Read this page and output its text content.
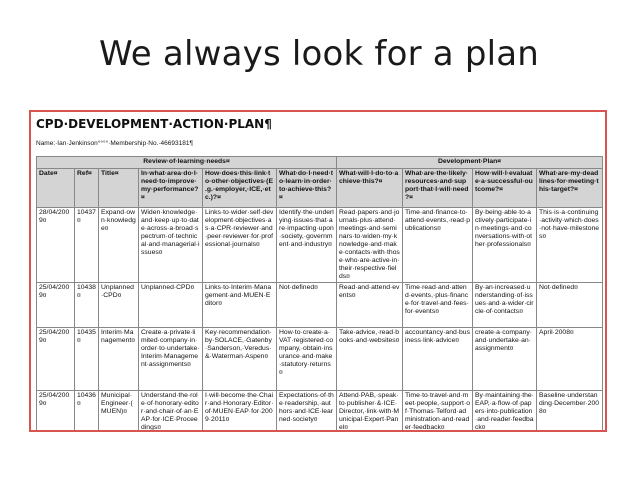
We always look for a plan
CPD·DEVELOPMENT·ACTION·PLAN¶
Name:·Ian·Jenkinson°°°°·Membership·No.·46693181¶
Review·of·learning·needs¤						Development·Plan¤			
Date¤	Ref¤	Title¤	In·what·area·do·I·need·to·improve·my·performance?¤	How·does·this·link·to·other·objectives·(E.g.·employer,·ICE,·etc.)?¤	What·do·I·need·to·learn·in·order·to·achieve·this?¤	What·will·I·do·to·achieve·this?¤	What·are·the·likely·resources·and·support·that·I·will·need?¤	How·will·I·evaluate·a·successful·outcome?¤	What·are·my·deadlines·for·meeting·this·target?¤
28/04/2009¤	10437¤	Expand·own·knowledge¤	Widen·knowledge·and·keep·up·to·date·across·a·broad·spectrum·of·technical·and·managerial·issues¤	Links·to·wider·self·development·objectives·as·a·CPR·reviewer·and·peer·reviewer·for·professional·journals¤	Identify·the·underlying·issues·that·are·impacting·upon·society,·government·and·industry¤	Read·papers·and·journals·plus·attend·meetings·and·seminars·to·widen·my·knowledge·and·make·contacts·with·those·who·are·active·in·their·respective·fields¤	Time·and·finance·to·attend·events,·read·publications¤	By·being·able·to·actively·participate·in·meetings·and·conversations·with·other·professionals¤	This·is·a·continuing·activity·which·does·not·have·milestones¤
25/04/2009¤	10438¤	Unplanned·CPD¤	Unplanned·CPD¤	Links·to·Interim·Management·and·MUEN·Editor¤	Not·defined¤	Read·and·attend·events¤	Time·read·and·attend·events,·plus·finance·for·travel·and·fees·for·events¤	By·an·increased·understanding·of·issues·and·a·wider·circle·of·contacts¤	Not·defined¤
25/04/2009¤	10435¤	Interim·Management¤	Create·a·private·limited·company·in·order·to·undertake·Interim·Management·assignments¤	Key·recommendation·by·SOLACE,·Gatenby·Sanderson,·Veredus·&·Waterman·Aspen¤	How·to·create·a·VAT·registered·company,·obtain·insurance·and·make·statutory·returns¤	Take·advice,·read·books·and·websites¤	accountancy·and·business·link·advice¤	create·a·company·and·undertake·an·assignment¤	April·2008¤
25/04/2009¤	10436¤	Municipal·Engineer·(MUEN)¤	Understand·the·role·of·honorary·editor·and·chair·of·an·EAP·for·ICE·Proceedings¤	I·will·become·the·Chair·and·Honorary·Editor·of·MUEN·EAP·for·2009·2011¤	Expectations·of·the·readership,·authors·and·ICE·learned·society¤	Attend·PAB,·speak·to·publisher·&·ICE·Director,·link·with·Municipal·Expert·Panel¤	Time·to·travel·and·meet·people,·support·of·Thomas·Telford·administration·and·reader·feedback¤	By·maintaining·the·EAP,·a·flow·of·papers·into·publication·and·reader·feedback¤	Baseline·understanding·December·2008¤
